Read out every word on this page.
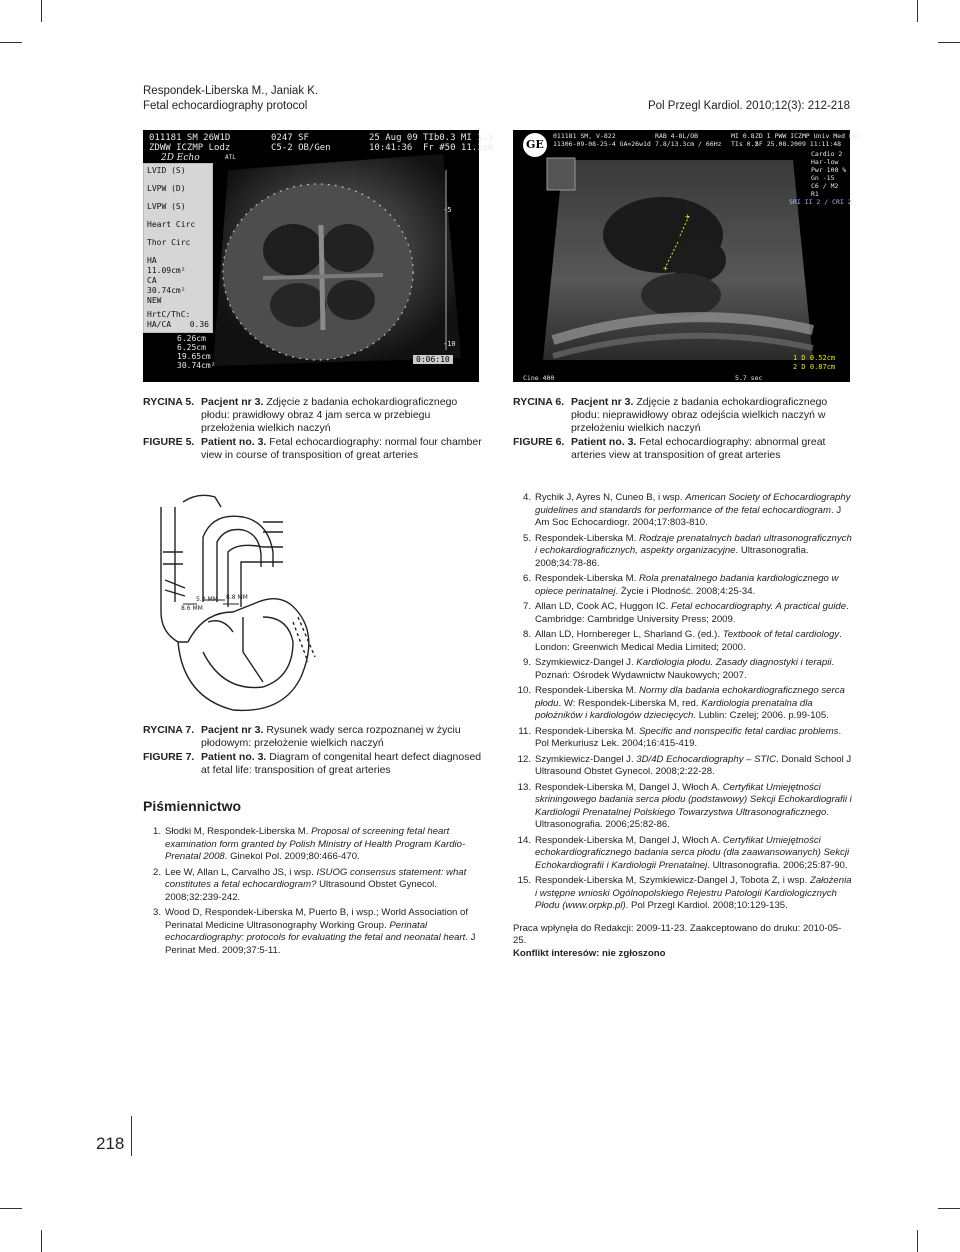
Respondek-Liberska M., Janiak K.
Fetal echocardiography protocol	Pol Przegl Kardiol. 2010;12(3): 212-218
011181 SM 26W1D	0247 SF	25 Aug 09 TIb0.3 MI 1.1
ZDWW ICZMP Lodz	C5-2 OB/Gen	10:41:36 Fr #50 11.1cm
2D Echo	ATL
LVID (S)
LVPW (D)
LVPW (S)
Heart Circ
Thor Circ
HA
11.09cm²
CA
30.74cm²
NEW
HrtC/ThC:
HA/CA 0.36
6.26cm
6.25cm
19.65cm
30.74cm²
-5
-10
0:06:10
+
+
GE
011181 SM, V-822
11306-09-08-25-4 GA=26w1d
RAB 4-8L/OB
7.8/13.3cm / 66Hz
MI 0.8
TIs 0.2
ZD I PWW ICZMP Univ Med Lox
SF 25.08.2009 11:11:48
Cardio 2
Har-low
Pwr 100 %
Gn -15
C6 / M2
R1
SRI II 2 / CRI 2
1 D 0.52cm
2 D 0.87cm
Cine 400	5.7 sec
RYCINA 5. Pacjent nr 3. Zdjęcie z badania echokardiograficznego płodu: prawidłowy obraz 4 jam serca w przebiegu przełożenia wielkich naczyń
FIGURE 5. Patient no. 3. Fetal echocardiography: normal four chamber view in course of transposition of great arteries
RYCINA 6. Pacjent nr 3. Zdjęcie z badania echokardiograficznego płodu: nieprawidłowy obraz odejścia wielkich naczyń w przełożeniu wielkich naczyń
FIGURE 6. Patient no. 3. Fetal echocardiography: abnormal great arteries view at transposition of great arteries
5.8 MM 8.8 MM
8.6 MM
RYCINA 7. Pacjent nr 3. Rysunek wady serca rozpoznanej w życiu płodowym: przełożenie wielkich naczyń
FIGURE 7. Patient no. 3. Diagram of congenital heart defect diagnosed at fetal life: transposition of great arteries
Piśmiennictwo
1. Słodki M, Respondek-Liberska M. Proposal of screening fetal heart examination form granted by Polish Ministry of Health Program Kardio-Prenatal 2008. Ginekol Pol. 2009;80:466-470.
2. Lee W, Allan L, Carvalho JS, i wsp. ISUOG consensus statement: what constitutes a fetal echocardiogram? Ultrasound Obstet Gynecol. 2008;32:239-242.
3. Wood D, Respondek-Liberska M, Puerto B, i wsp.; World Association of Perinatal Medicine Ultrasonography Working Group. Perinatal echocardiography: protocols for evaluating the fetal and neonatal heart. J Perinat Med. 2009;37:5-11.
4. Rychik J, Ayres N, Cuneo B, i wsp. American Society of Echocardiography guidelines and standards for performance of the fetal echocardiogram. J Am Soc Echocardiogr. 2004;17:803-810.
5. Respondek-Liberska M. Rodzaje prenatalnych badań ultrasonograficznych i echokardiograficznych, aspekty organizacyjne. Ultrasonografia. 2008;34:78-86.
6. Respondek-Liberska M. Rola prenatalnego badania kardiologicznego w opiece perinatalnej. Życie i Płodność. 2008;4:25-34.
7. Allan LD, Cook AC, Huggon IC. Fetal echocardiography. A practical guide. Cambridge: Cambridge University Press; 2009.
8. Allan LD, Hornbereger L, Sharland G. (ed.). Textbook of fetal cardiology. London: Greenwich Medical Media Limited; 2000.
9. Szymkiewicz-Dangel J. Kardiologia płodu. Zasady diagnostyki i terapii. Poznań: Ośrodek Wydawnictw Naukowych; 2007.
10. Respondek-Liberska M. Normy dla badania echokardiograficznego serca płodu. W: Respondek-Liberska M, red. Kardiologia prenatalna dla położników i kardiologów dziecięcych. Lublin: Czelej; 2006. p.99-105.
11. Respondek-Liberska M. Specific and nonspecific fetal cardiac problems. Pol Merkuriusz Lek. 2004;16:415-419.
12. Szymkiewicz-Dangel J. 3D/4D Echocardiography – STIC. Donald School J Ultrasound Obstet Gynecol. 2008;2:22-28.
13. Respondek-Liberska M, Dangel J, Włoch A. Certyfikat Umiejętności skriningowego badania serca płodu (podstawowy) Sekcji Echokardiografii i Kardiologii Prenatalnej Polskiego Towarzystwa Ultrasonograficznego. Ultrasonografia. 2006;25:82-86.
14. Respondek-Liberska M, Dangel J, Włoch A. Certyfikat Umiejętności echokardiograficznego badania serca płodu (dla zaawansowanych) Sekcji Echokardiografii i Kardiologii Prenatalnej. Ultrasonografia. 2006;25:87-90.
15. Respondek-Liberska M, Szymkiewicz-Dangel J, Tobota Z, i wsp. Założenia i wstępne wnioski Ogólnopolskiego Rejestru Patologii Kardiologicznych Płodu (www.orpkp.pl). Pol Przegl Kardiol. 2008;10:129-135.
Praca wpłynęła do Redakcji: 2009-11-23. Zaakceptowano do druku: 2010-05-25.
Konflikt interesów: nie zgłoszono
218
